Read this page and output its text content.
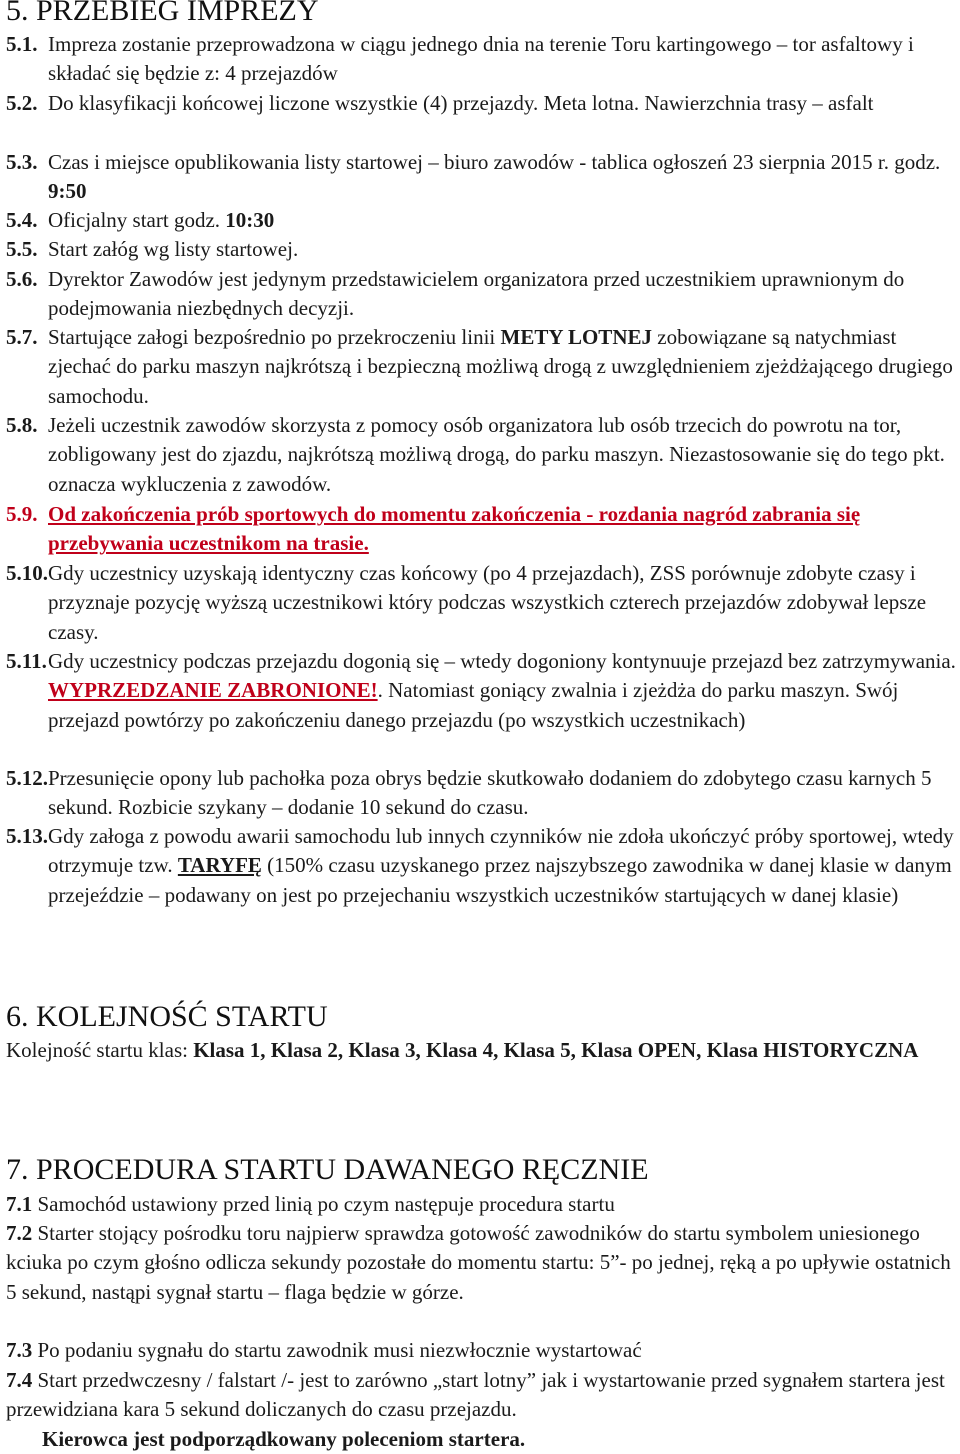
5. PRZEBIEG IMPREZY
5.1. Impreza zostanie przeprowadzona w ciągu jednego dnia na terenie Toru kartingowego – tor asfaltowy i składać się będzie z: 4 przejazdów
5.2. Do klasyfikacji końcowej liczone wszystkie (4) przejazdy. Meta lotna. Nawierzchnia trasy – asfalt
5.3. Czas i miejsce opublikowania listy startowej – biuro zawodów - tablica ogłoszeń 23 sierpnia 2015 r. godz. 9:50
5.4. Oficjalny start godz. 10:30
5.5. Start załóg wg listy startowej.
5.6. Dyrektor Zawodów jest jedynym przedstawicielem organizatora przed uczestnikiem uprawnionym do podejmowania niezbędnych decyzji.
5.7. Startujące załogi bezpośrednio po przekroczeniu linii METY LOTNEJ zobowiązane są natychmiast zjechać do parku maszyn najkrótszą i bezpieczną możliwą drogą z uwzględnieniem zjeżdżającego drugiego samochodu.
5.8. Jeżeli uczestnik zawodów skorzysta z pomocy osób organizatora lub osób trzecich do powrotu na tor, zobligowany jest do zjazdu, najkrótszą możliwą drogą, do parku maszyn. Niezastosowanie się do tego pkt. oznacza wykluczenia z zawodów.
5.9. Od zakończenia prób sportowych do momentu zakończenia - rozdania nagród zabrania się przebywania uczestnikom na trasie.
5.10. Gdy uczestnicy uzyskają identyczny czas końcowy (po 4 przejazdach), ZSS porównuje zdobyte czasy i przyznaje pozycję wyższą uczestnikowi który podczas wszystkich czterech przejazdów zdobywał lepsze czasy.
5.11. Gdy uczestnicy podczas przejazdu dogonią się – wtedy dogoniony kontynuuje przejazd bez zatrzymywania. WYPRZEDZANIE ZABRONIONE!. Natomiast goniący zwalnia i zjeżdża do parku maszyn. Swój przejazd powtórzy po zakończeniu danego przejazdu (po wszystkich uczestnikach)
5.12. Przesunięcie opony lub pachołka poza obrys będzie skutkowało dodaniem do zdobytego czasu karnych 5 sekund. Rozbicie szykany – dodanie 10 sekund do czasu.
5.13. Gdy załoga z powodu awarii samochodu lub innych czynników nie zdoła ukończyć próby sportowej, wtedy otrzymuje tzw. TARYFĘ (150% czasu uzyskanego przez najszybszego zawodnika w danej klasie w danym przejeździe – podawany on jest po przejechaniu wszystkich uczestników startujących w danej klasie)
6. KOLEJNOŚĆ STARTU
Kolejność startu klas: Klasa 1, Klasa 2, Klasa 3, Klasa 4, Klasa 5, Klasa OPEN, Klasa HISTORYCZNA
7. PROCEDURA STARTU DAWANEGO RĘCZNIE
7.1 Samochód ustawiony przed linią po czym następuje procedura startu
7.2 Starter stojący pośrodku toru najpierw sprawdza gotowość zawodników do startu symbolem uniesionego kciuka po czym głośno odlicza sekundy pozostałe do momentu startu: 5”- po jednej, ręką a po upływie ostatnich 5 sekund, nastąpi sygnał startu – flaga będzie w górze.
7.3 Po podaniu sygnału do startu zawodnik musi niezwłocznie wystartować
7.4 Start przedwczesny / falstart /- jest to zarówno „start lotny” jak i wystartowanie przed sygnałem startera jest przewidziana kara 5 sekund doliczanych do czasu przejazdu.
Kierowca jest podporządkowany poleceniom startera.
